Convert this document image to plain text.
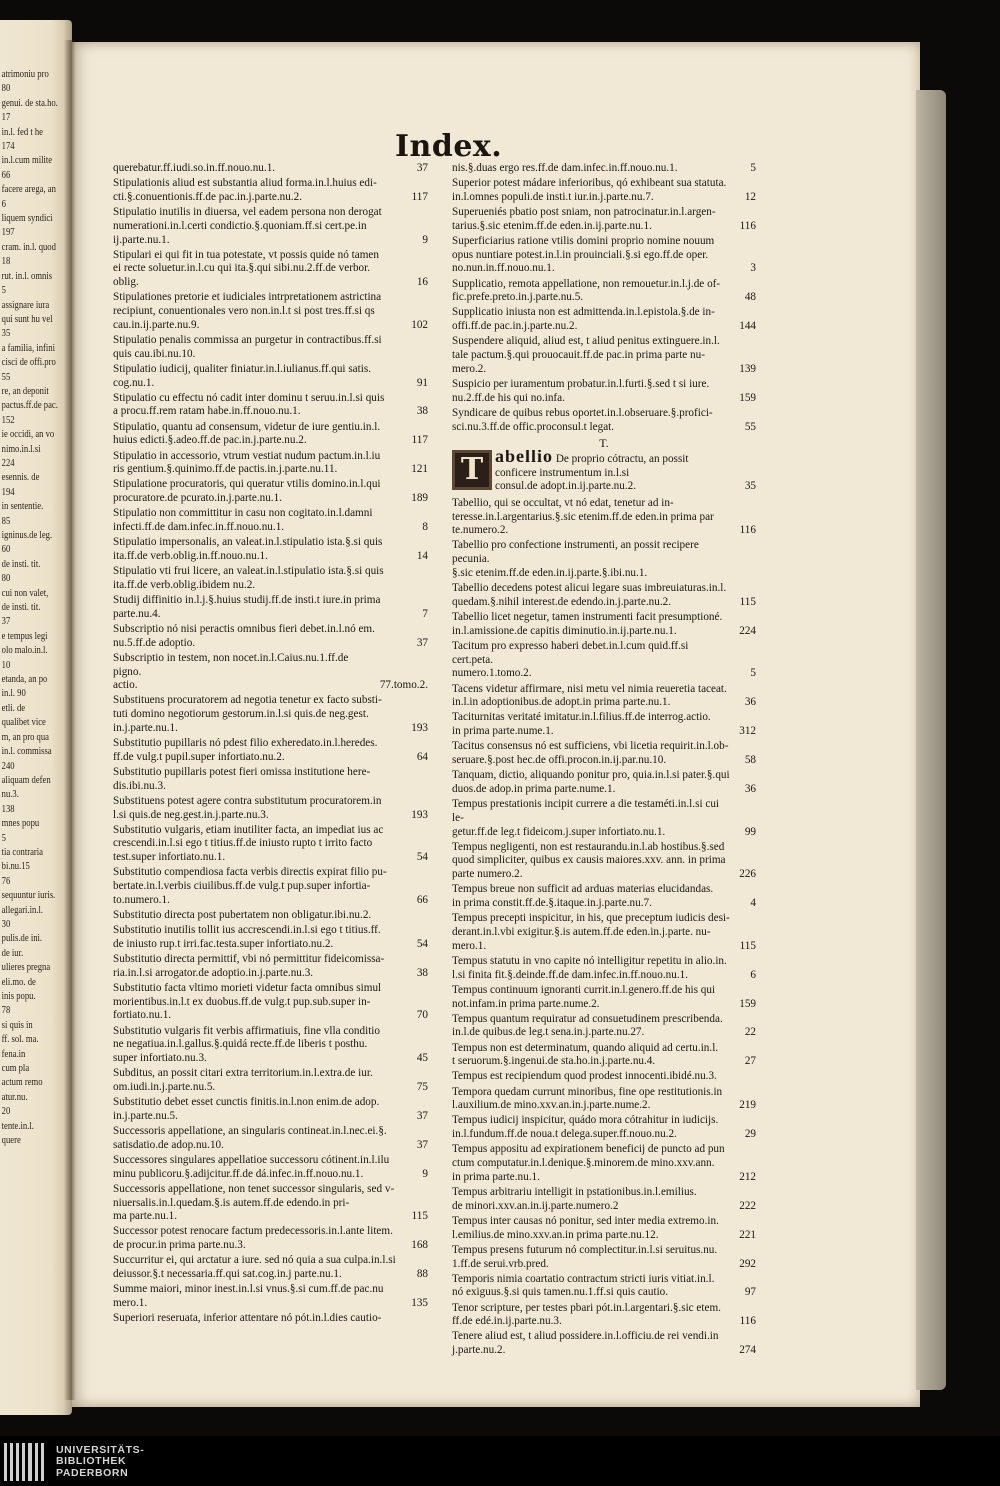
atrimoniu pro
80
genui. de sta.ho.
17
in.l. fed t he
174
in.l.cum milite
66
facere arega, an
6
liquem syndici
197
cram. in.l. quod
18
rut. in.l. omnis
5
assignare iura
qui sunt hu vel
35
a familia, infini
cisci de offi.pro
55
re, an deponit
pactus.ff.de pac.
152
ie occidi, an vo
nimo.in.l.si
224
esennis. de
194
in sententie.
85
igninus.de leg.
60
de insti. tit.
80
cui non valet,
de insti. tit.
37
e tempus legi
olo malo.in.l.
10
etanda, an po
in.l. 90
etli. de
qualibet vice
m, an pro qua
in.l. commissa
240
aliquam defen
nu.3.
138
mnes popu
5
tia contraria
bi.nu.15
76
sequuntur iuris.
allegari.in.l.
30
pulis.de ini.
de iur.
ulieres pregna
eli.mo. de
inis popu.
78
si quis in
ff. sol. ma.
fena.in
cum pla
actum remo
atur.nu.
20
tente.in.l.
quere
Index.
querebatur.ff.iudi.so.in.ff.nouo.nu.1.	37
Stipulationis aliud est substantia aliud forma.in.l.huius edi-
cti.§.conuentionis.ff.de pac.in.j.parte.nu.2.	117
Stipulatio inutilis in diuersa, vel eadem persona non derogat
numerationi.in.l.certi condictio.§.quoniam.ff.si cert.pe.in
ij.parte.nu.1.	9
Stipulari ei qui fit in tua potestate, vt possis quide nó tamen
ei recte soluetur.in.l.cu qui ita.§.qui sibi.nu.2.ff.de verbor.
oblig.	16
Stipulationes pretorie et iudiciales intrpretationem astrictina
recipiunt, conuentionales vero non.in.l.t si post tres.ff.si qs
cau.in.ij.parte.nu.9.	102
Stipulatio penalis commissa an purgetur in contractibus.ff.si
quis cau.ibi.nu.10.
Stipulatio iudicij, qualiter finiatur.in.l.iulianus.ff.qui satis.
cog.nu.1.	91
Stipulatio cu effectu nó cadit inter dominu t seruu.in.l.si quis
a procu.ff.rem ratam habe.in.ff.nouo.nu.1.	38
Stipulatio, quantu ad consensum, videtur de iure gentiu.in.l.
huius edicti.§.adeo.ff.de pac.in.j.parte.nu.2.	117
Stipulatio in accessorio, vtrum vestiat nudum pactum.in.l.iu
ris gentium.§.quinimo.ff.de pactis.in.j.parte.nu.11.	121
Stipulatione procuratoris, qui queratur vtilis domino.in.l.qui
procuratore.de pcurato.in.j.parte.nu.1.	189
Stipulatio non committitur in casu non cogitato.in.l.damni
infecti.ff.de dam.infec.in.ff.nouo.nu.1.	8
Stipulatio impersonalis, an valeat.in.l.stipulatio ista.§.si quis
ita.ff.de verb.oblig.in.ff.nouo.nu.1.	14
Stipulatio vti frui licere, an valeat.in.l.stipulatio ista.§.si quis
ita.ff.de verb.oblig.ibidem nu.2.
Studij diffinitio in.l.j.§.huius studij.ff.de insti.t iure.in prima
parte.nu.4.	7
Subscriptio nó nisi peractis omnibus fieri debet.in.l.nó em.
nu.5.ff.de adoptio.	37
Subscriptio in testem, non nocet.in.l.Caius.nu.1.ff.de pigno.
actio.	77.tomo.2.
Substituens procuratorem ad negotia tenetur ex facto substi-
tuti domino negotiorum gestorum.in.l.si quis.de neg.gest.
in.j.parte.nu.1.	193
Substitutio pupillaris nó pdest filio exheredato.in.l.heredes.
ff.de vulg.t pupil.super infortiato.nu.2.	64
Substitutio pupillaris potest fieri omissa institutione here-
dis.ibi.nu.3.
Substituens potest agere contra substitutum procuratorem.in
l.si quis.de neg.gest.in.j.parte.nu.3.	193
Substitutio vulgaris, etiam inutiliter facta, an impediat ius ac
crescendi.in.l.si ego t titius.ff.de iniusto rupto t irrito facto
test.super infortiato.nu.1.	54
Substitutio compendiosa facta verbis directis expirat filio pu-
bertate.in.l.verbis ciuilibus.ff.de vulg.t pup.super infortia-
to.numero.1.	66
Substitutio directa post pubertatem non obligatur.ibi.nu.2.
Substitutio inutilis tollit ius accrescendi.in.l.si ego t titius.ff.
de iniusto rup.t irri.fac.testa.super infortiato.nu.2.	54
Substitutio directa permittif, vbi nó permittitur fideicomissa-
ria.in.l.si arrogator.de adoptio.in.j.parte.nu.3.	38
Substitutio facta vltimo morieti videtur facta omnibus simul
morientibus.in.l.t ex duobus.ff.de vulg.t pup.sub.super in-
fortiato.nu.1.	70
Substitutio vulgaris fit verbis affirmatiuis, fine vlla conditio
ne negatiua.in.l.gallus.§.quidá recte.ff.de liberis t posthu.
super infortiato.nu.3.	45
Subditus, an possit citari extra territorium.in.l.extra.de iur.
om.iudi.in.j.parte.nu.5.	75
Substitutio debet esset cunctis finitis.in.l.non enim.de adop.
in.j.parte.nu.5.	37
Successoris appellatione, an singularis contineat.in.l.nec.ei.§.
satisdatio.de adop.nu.10.	37
Successores singulares appellatioe successoru cótinent.in.l.ilu
minu publicoru.§.adijcitur.ff.de dá.infec.in.ff.nouo.nu.1.	9
Successoris appellatione, non tenet successor singularis, sed v-
niuersalis.in.l.quedam.§.is autem.ff.de edendo.in pri-
ma parte.nu.1.	115
Successor potest renocare factum predecessoris.in.l.ante litem.
de procur.in prima parte.nu.3.	168
Succurritur ei, qui arctatur a iure. sed nó quia a sua culpa.in.l.si
deiussor.§.t necessaria.ff.qui sat.cog.in.j parte.nu.1.	88
Summe maiori, minor inest.in.l.si vnus.§.si cum.ff.de pac.nu
mero.1.	135
Superiori reseruata, inferior attentare nó pót.in.l.dies cautio-
nis.§.duas ergo res.ff.de dam.infec.in.ff.nouo.nu.1.	5
Superior potest mádare inferioribus, qó exhibeant sua statuta.
in.l.omnes populi.de insti.t iur.in.j.parte.nu.7.	12
Superueniés pbatio post sniam, non patrocinatur.in.l.argen-
tarius.§.sic etenim.ff.de eden.in.ij.parte.nu.1.	116
Superficiarius ratione vtilis domini proprio nomine nouum
opus nuntiare potest.in.l.in prouinciali.§.si ego.ff.de oper.
no.nun.in.ff.nouo.nu.1.	3
Supplicatio, remota appellatione, non remouetur.in.l.j.de of-
fic.prefe.preto.in.j.parte.nu.5.	48
Supplicatio iniusta non est admittenda.in.l.epistola.§.de in-
offi.ff.de pac.in.j.parte.nu.2.	144
Suspendere aliquid, aliud est, t aliud penitus extinguere.in.l.
tale pactum.§.qui prouocauit.ff.de pac.in prima parte nu-
mero.2.	139
Suspicio per iuramentum probatur.in.l.furti.§.sed t si iure.
nu.2.ff.de his qui no.infa.	159
Syndicare de quibus rebus oportet.in.l.obseruare.§.profici-
sci.nu.3.ff.de offic.proconsul.t legat.	55
T.
T abellio De proprio cótractu, an possit
conficere instrumentum in.l.si
consul.de adopt.in.ij.parte.nu.2.	35
Tabellio, qui se occultat, vt nó edat, tenetur ad in-
teresse.in.l.argentarius.§.sic etenim.ff.de eden.in prima par
te.numero.2.	116
Tabellio pro confectione instrumenti, an possit recipere pecunia.
§.sic etenim.ff.de eden.in.ij.parte.§.ibi.nu.1.
Tabellio decedens potest alicui legare suas imbreuiaturas.in.l.
quedam.§.nihil interest.de edendo.in.j.parte.nu.2.	115
Tabellio licet negetur, tamen instrumenti facit presumptioné.
in.l.amissione.de capitis diminutio.in.ij.parte.nu.1.	224
Tacitum pro expresso haberi debet.in.l.cum quid.ff.si cert.peta.
numero.1.tomo.2.	5
Tacens videtur affirmare, nisi metu vel nimia reueretia taceat.
in.l.in adoptionibus.de adopt.in prima parte.nu.1.	36
Taciturnitas veritaté imitatur.in.l.filius.ff.de interrog.actio.
in prima parte.nume.1.	312
Tacitus consensus nó est sufficiens, vbi licetia requirit.in.l.ob-
seruare.§.post hec.de offi.procon.in.ij.par.nu.10.	58
Tanquam, dictio, aliquando ponitur pro, quia.in.l.si pater.§.qui
duos.de adop.in prima parte.nume.1.	36
Tempus prestationis incipit currere a die testaméti.in.l.si cui le-
getur.ff.de leg.t fideicom.j.super infortiato.nu.1.	99
Tempus negligenti, non est restaurandu.in.l.ab hostibus.§.sed
quod simpliciter, quibus ex causis maiores.xxv. ann. in prima
parte numero.2.	226
Tempus breue non sufficit ad arduas materias elucidandas.
in prima constit.ff.de.§.itaque.in.j.parte.nu.7.	4
Tempus precepti inspicitur, in his, que preceptum iudicis desi-
derant.in.l.vbi exigitur.§.is autem.ff.de eden.in.j.parte. nu-
mero.1.	115
Tempus statutu in vno capite nó intelligitur repetitu in alio.in.
l.si finita fit.§.deinde.ff.de dam.infec.in.ff.nouo.nu.1.	6
Tempus continuum ignoranti currit.in.l.genero.ff.de his qui
not.infam.in prima parte.nume.2.	159
Tempus quantum requiratur ad consuetudinem prescribenda.
in.l.de quibus.de leg.t sena.in.j.parte.nu.27.	22
Tempus non est determinatum, quando aliquid ad certu.in.l.
t seruorum.§.ingenui.de sta.ho.in.j.parte.nu.4.	27
Tempus est recipiendum quod prodest innocenti.ibidé.nu.3.
Tempora quedam currunt minoribus, fine ope restitutionis.in
l.auxilium.de mino.xxv.an.in.j.parte.nume.2.	219
Tempus iudicij inspicitur, quádo mora cótrahitur in iudicijs.
in.l.fundum.ff.de noua.t delega.super.ff.nouo.nu.2.	29
Tempus appositu ad expirationem beneficij de puncto ad pun
ctum computatur.in.l.denique.§.minorem.de mino.xxv.ann.
in prima parte.nu.1.	212
Tempus arbitrariu intelligit in pstationibus.in.l.emilius.
de minori.xxv.an.in.ij.parte.numero.2	222
Tempus inter causas nó ponitur, sed inter media extremo.in.
l.emilius.de mino.xxv.an.in prima parte.nu.12.	221
Tempus presens futurum nó complectitur.in.l.si seruitus.nu.
1.ff.de serui.vrb.pred.	292
Temporis nimia coartatio contractum stricti iuris vitiat.in.l.
nó exiguus.§.si quis tamen.nu.1.ff.si quis cautio.	97
Tenor scripture, per testes pbari pót.in.l.argentari.§.sic etem.
ff.de edé.in.ij.parte.nu.3.	116
Tenere aliud est, t aliud possidere.in.l.officiu.de rei vendi.in
j.parte.nu.2.	274
UNIVERSITÄTS-
BIBLIOTHEK
PADERBORN
